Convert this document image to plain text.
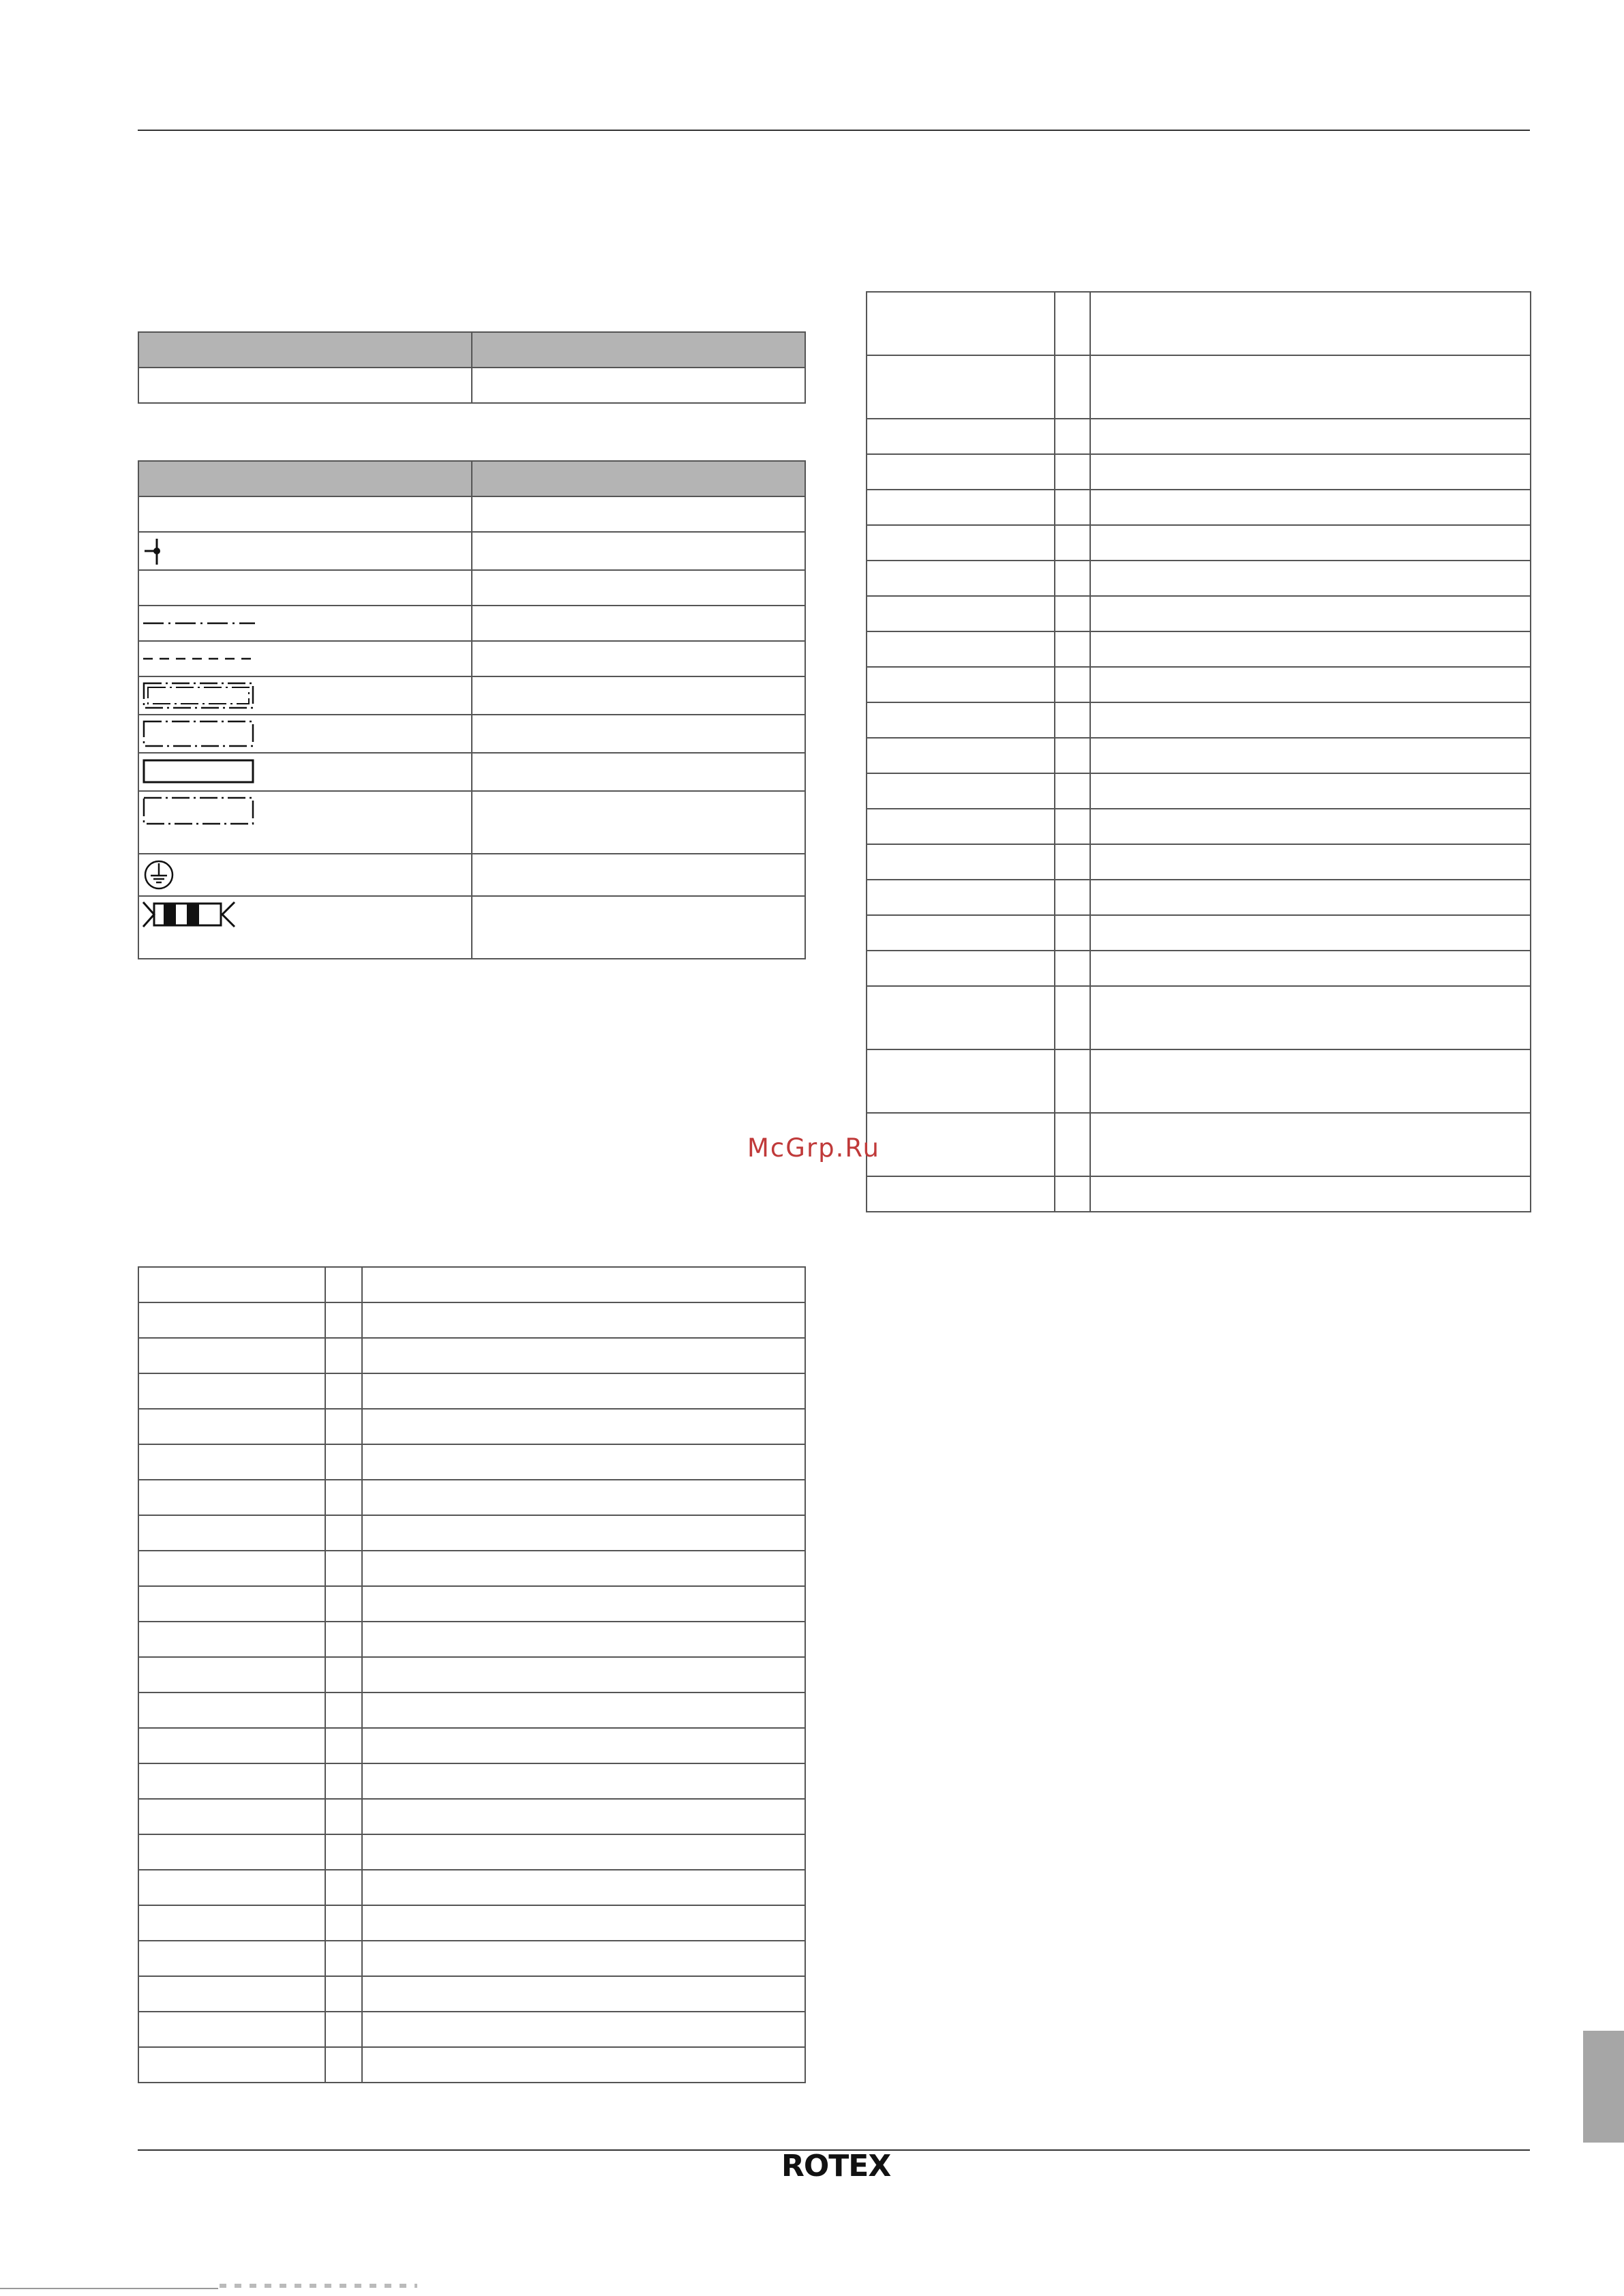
McGrp.Ru
ROTEX
